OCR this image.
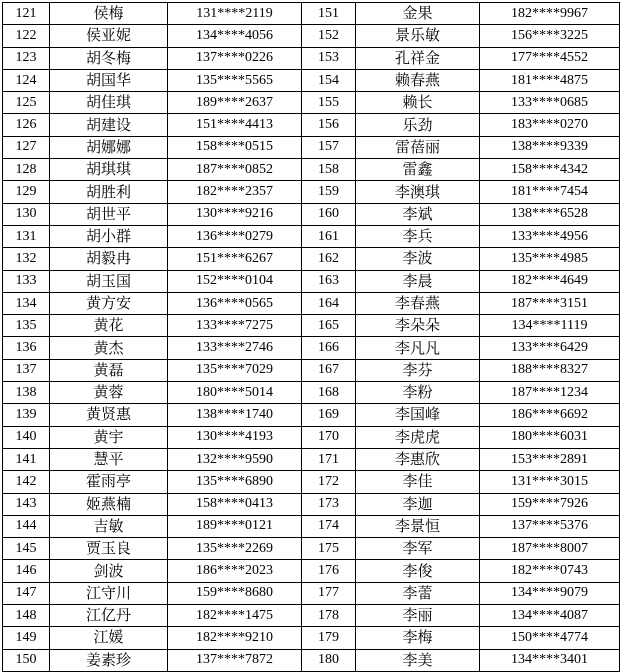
121	侯梅	131****2119	151	金果	182****9967
122	侯亚妮	134****4056	152	景乐敏	156****3225
123	胡冬梅	137****0226	153	孔祥金	177****4552
124	胡国华	135****5565	154	赖春燕	181****4875
125	胡佳琪	189****2637	155	赖长	133****0685
126	胡建设	151****4413	156	乐劲	183****0270
127	胡娜娜	158****0515	157	雷蓓丽	138****9339
128	胡琪琪	187****0852	158	雷鑫	158****4342
129	胡胜利	182****2357	159	李澳琪	181****7454
130	胡世平	130****9216	160	李斌	138****6528
131	胡小群	136****0279	161	李兵	133****4956
132	胡毅冉	151****6267	162	李波	135****4985
133	胡玉国	152****0104	163	李晨	182****4649
134	黄方安	136****0565	164	李春燕	187****3151
135	黄花	133****7275	165	李朵朵	134****1119
136	黄杰	133****2746	166	李凡凡	133****6429
137	黄磊	135****7029	167	李芬	188****8327
138	黄蓉	180****5014	168	李粉	187****1234
139	黄贤惠	138****1740	169	李国峰	186****6692
140	黄宇	130****4193	170	李虎虎	180****6031
141	慧平	132****9590	171	李惠欣	153****2891
142	霍雨亭	135****6890	172	李佳	131****3015
143	姬燕楠	158****0413	173	李迦	159****7926
144	吉敏	189****0121	174	李景恒	137****5376
145	贾玉良	135****2269	175	李军	187****8007
146	剑波	186****2023	176	李俊	182****0743
147	江守川	159****8680	177	李蕾	134****9079
148	江亿丹	182****1475	178	李丽	134****4087
149	江媛	182****9210	179	李梅	150****4774
150	姜素珍	137****7872	180	李美	134****3401
